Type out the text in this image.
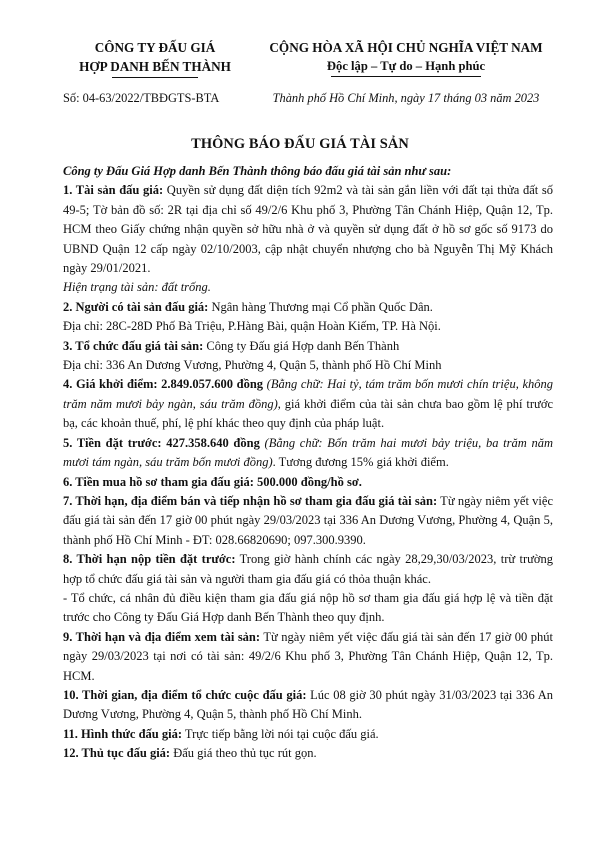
CÔNG TY ĐẤU GIÁ
HỢP DANH BẾN THÀNH
CỘNG HÒA XÃ HỘI CHỦ NGHĨA VIỆT NAM
Độc lập – Tự do – Hạnh phúc
Số: 04-63/2022/TBĐGTS-BTA	Thành phố Hồ Chí Minh, ngày 17 tháng 03 năm 2023
THÔNG BÁO ĐẤU GIÁ TÀI SẢN

Công ty Đấu Giá Hợp danh Bến Thành thông báo đấu giá tài sản như sau:

1. Tài sản đấu giá: Quyền sử dụng đất diện tích 92m2 và tài sản gắn liền với đất tại thửa đất số 49-5; Tờ bản đồ số: 2R tại địa chỉ số 49/2/6 Khu phố 3, Phường Tân Chánh Hiệp, Quận 12, Tp. HCM theo Giấy chứng nhận quyền sở hữu nhà ở và quyền sử dụng đất ở hồ sơ gốc số 9173 do UBND Quận 12 cấp ngày 02/10/2003, cập nhật chuyển nhượng cho bà Nguyễn Thị Mỹ Khách ngày 29/01/2021.

Hiện trạng tài sản: đất trống.

2. Người có tài sản đấu giá: Ngân hàng Thương mại Cổ phần Quốc Dân.

Địa chỉ: 28C-28D Phố Bà Triệu, P.Hàng Bài, quận Hoàn Kiếm, TP. Hà Nội.

3. Tổ chức đấu giá tài sản: Công ty Đấu giá Hợp danh Bến Thành

Địa chỉ: 336 An Dương Vương, Phường 4, Quận 5, thành phố Hồ Chí Minh

4. Giá khởi điểm: 2.849.057.600 đồng (Bằng chữ: Hai tỷ, tám trăm bốn mươi chín triệu, không trăm năm mươi bảy ngàn, sáu trăm đồng), giá khởi điểm của tài sản chưa bao gồm lệ phí trước bạ, các khoản thuế, phí, lệ phí khác theo quy định của pháp luật.

5. Tiền đặt trước: 427.358.640 đồng (Bằng chữ: Bốn trăm hai mươi bảy triệu, ba trăm năm mươi tám ngàn, sáu trăm bốn mươi đồng). Tương đương 15% giá khởi điểm.

6. Tiền mua hồ sơ tham gia đấu giá: 500.000 đồng/hồ sơ.

7. Thời hạn, địa điểm bán và tiếp nhận hồ sơ tham gia đấu giá tài sản: Từ ngày niêm yết việc đấu giá tài sản đến 17 giờ 00 phút ngày 29/03/2023 tại 336 An Dương Vương, Phường 4, Quận 5, thành phố Hồ Chí Minh - ĐT: 028.66820690; 097.300.9390.

8. Thời hạn nộp tiền đặt trước: Trong giờ hành chính các ngày 28,29,30/03/2023, trừ trường hợp tổ chức đấu giá tài sản và người tham gia đấu giá có thỏa thuận khác.

- Tổ chức, cá nhân đủ điều kiện tham gia đấu giá nộp hồ sơ tham gia đấu giá hợp lệ và tiền đặt trước cho Công ty Đấu Giá Hợp danh Bến Thành theo quy định.

9. Thời hạn và địa điểm xem tài sản: Từ ngày niêm yết việc đấu giá tài sản đến 17 giờ 00 phút ngày 29/03/2023 tại nơi có tài sản: 49/2/6 Khu phố 3, Phường Tân Chánh Hiệp, Quận 12, Tp. HCM.

10. Thời gian, địa điểm tổ chức cuộc đấu giá: Lúc 08 giờ 30 phút ngày 31/03/2023 tại 336 An Dương Vương, Phường 4, Quận 5, thành phố Hồ Chí Minh.

11. Hình thức đấu giá: Trực tiếp bằng lời nói tại cuộc đấu giá.

12. Thủ tục đấu giá: Đấu giá theo thủ tục rút gọn.
